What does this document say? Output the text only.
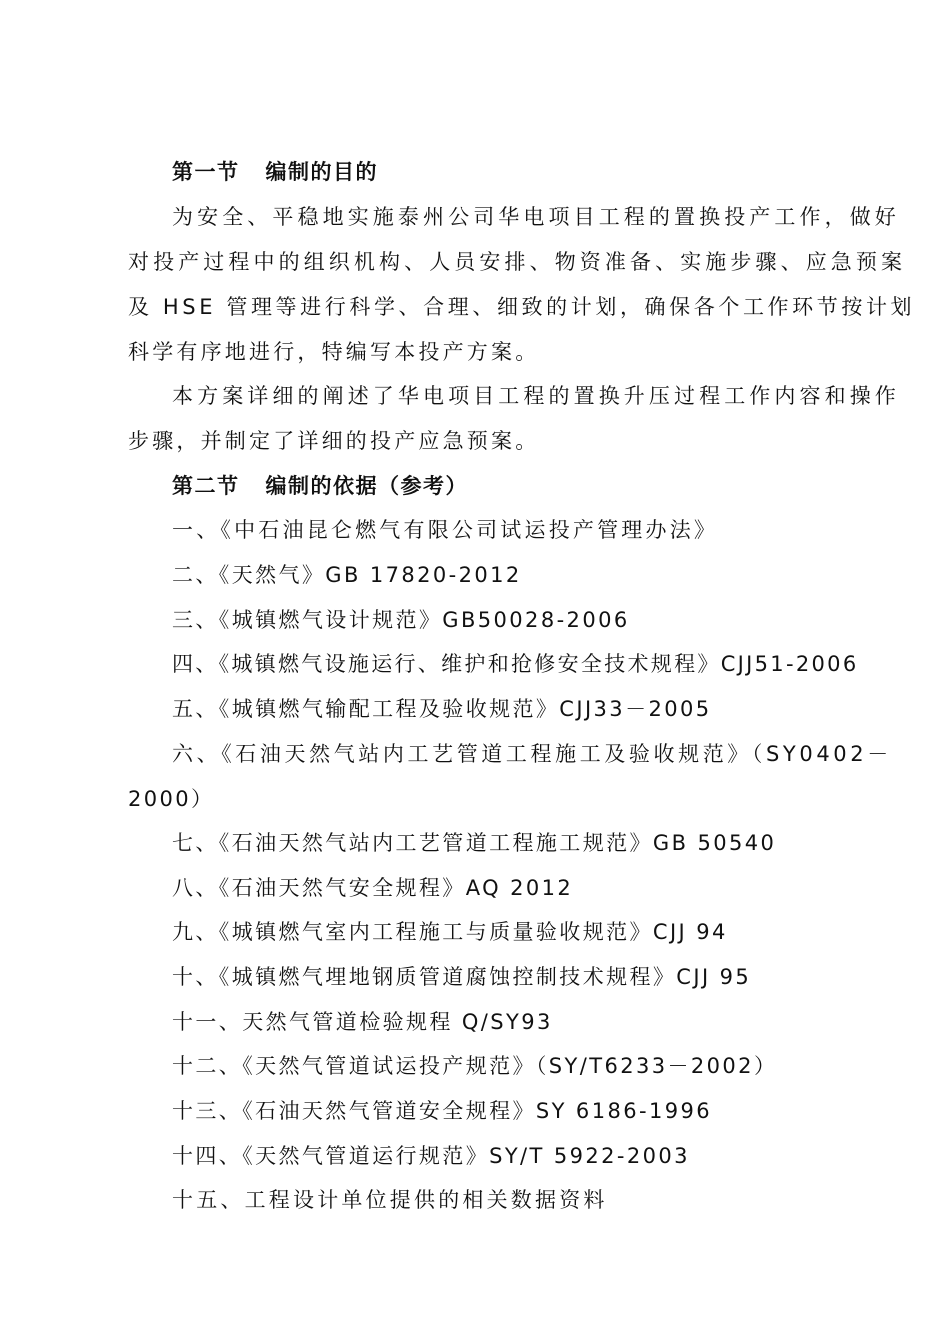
第一节 编制的目的
为安全、平稳地实施泰州公司华电项目工程的置换投产工作，做好
对投产过程中的组织机构、人员安排、物资准备、实施步骤、应急预案
及 HSE 管理等进行科学、合理、细致的计划，确保各个工作环节按计划
科学有序地进行，特编写本投产方案。
本方案详细的阐述了华电项目工程的置换升压过程工作内容和操作
步骤，并制定了详细的投产应急预案。
第二节 编制的依据（参考）
一、《中石油昆仑燃气有限公司试运投产管理办法》
二、《天然气》GB 17820-2012
三、《城镇燃气设计规范》GB50028-2006
四、《城镇燃气设施运行、维护和抢修安全技术规程》CJJ51-2006
五、《城镇燃气输配工程及验收规范》CJJ33－2005
六、《石油天然气站内工艺管道工程施工及验收规范》（SY0402－
2000）
七、《石油天然气站内工艺管道工程施工规范》GB 50540
八、《石油天然气安全规程》AQ 2012
九、《城镇燃气室内工程施工与质量验收规范》CJJ 94
十、《城镇燃气埋地钢质管道腐蚀控制技术规程》CJJ 95
十一、天然气管道检验规程 Q/SY93
十二、《天然气管道试运投产规范》（SY/T6233－2002）
十三、《石油天然气管道安全规程》SY 6186-1996
十四、《天然气管道运行规范》SY/T 5922-2003
十五、工程设计单位提供的相关数据资料
